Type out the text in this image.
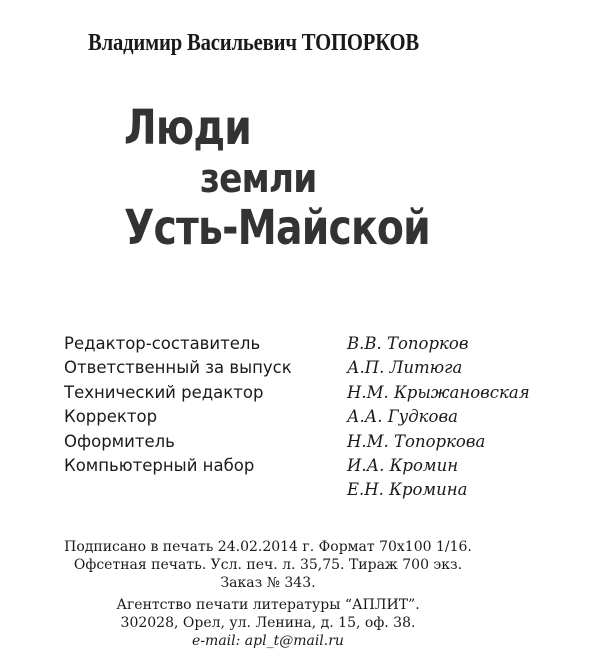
Владимир Васильевич ТОПОРКОВ
Люди
земли
Усть-Майской
Редактор-составитель	В.В. Топорков
Ответственный за выпуск	А.П. Литюга
Технический редактор	Н.М. Крыжановская
Корректор	А.А. Гудкова
Оформитель	Н.М. Топоркова
Компьютерный набор	И.А. Кромин
Е.Н. Кромина
Подписано в печать 24.02.2014 г. Формат 70x100 1/16.
Офсетная печать. Усл. печ. л. 35,75. Тираж 700 экз.
Заказ № 343.
Агентство печати литературы “АПЛИТ”.
302028, Орел, ул. Ленина, д. 15, оф. 38.
e-mail: apl_t@mail.ru
